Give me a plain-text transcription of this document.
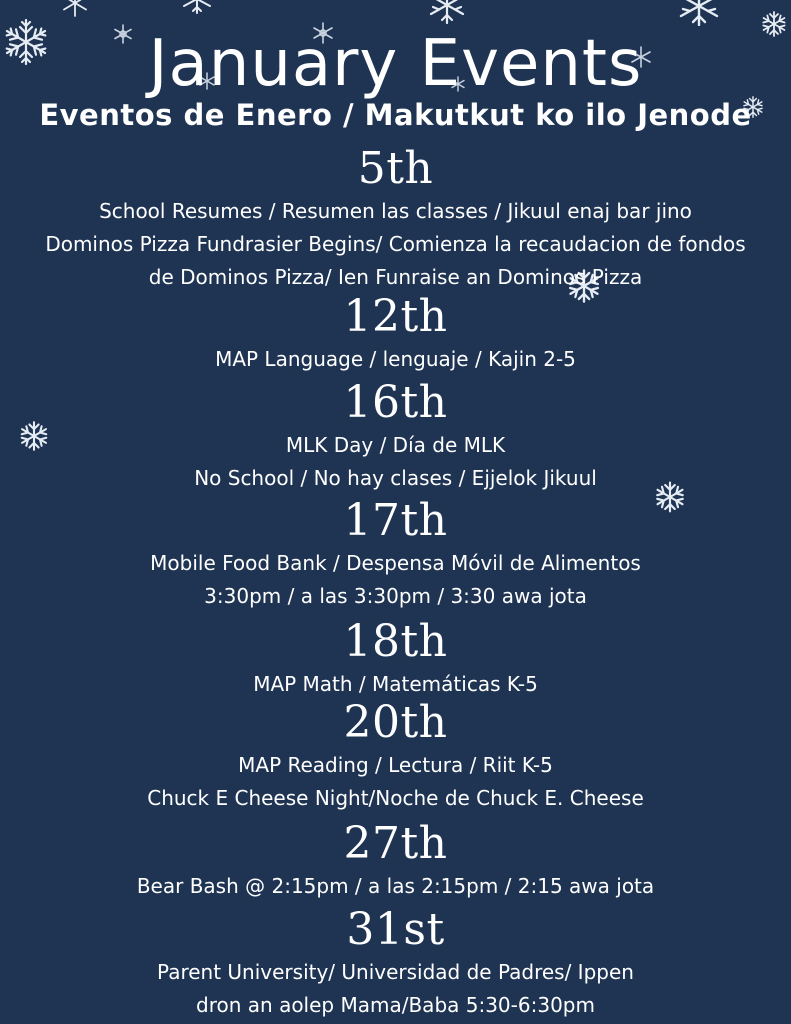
January Events
Eventos de Enero / Makutkut ko ilo Jenode
5th
School Resumes / Resumen las classes / Jikuul enaj bar jino
Dominos Pizza Fundrasier Begins/ Comienza la recaudacion de fondos
de Dominos Pizza/ Ien Funraise an Dominos Pizza
12th
MAP Language / lenguaje / Kajin 2-5
16th
MLK Day / Día de MLK
No School / No hay clases / Ejjelok Jikuul
17th
Mobile Food Bank / Despensa Móvil de Alimentos
3:30pm / a las 3:30pm / 3:30 awa jota
18th
MAP Math / Matemáticas K-5
20th
MAP Reading / Lectura / Riit K-5
Chuck E Cheese Night/Noche de Chuck E. Cheese
27th
Bear Bash @ 2:15pm / a las 2:15pm / 2:15 awa jota
31st
Parent University/ Universidad de Padres/ Ippen
dron an aolep Mama/Baba 5:30-6:30pm
